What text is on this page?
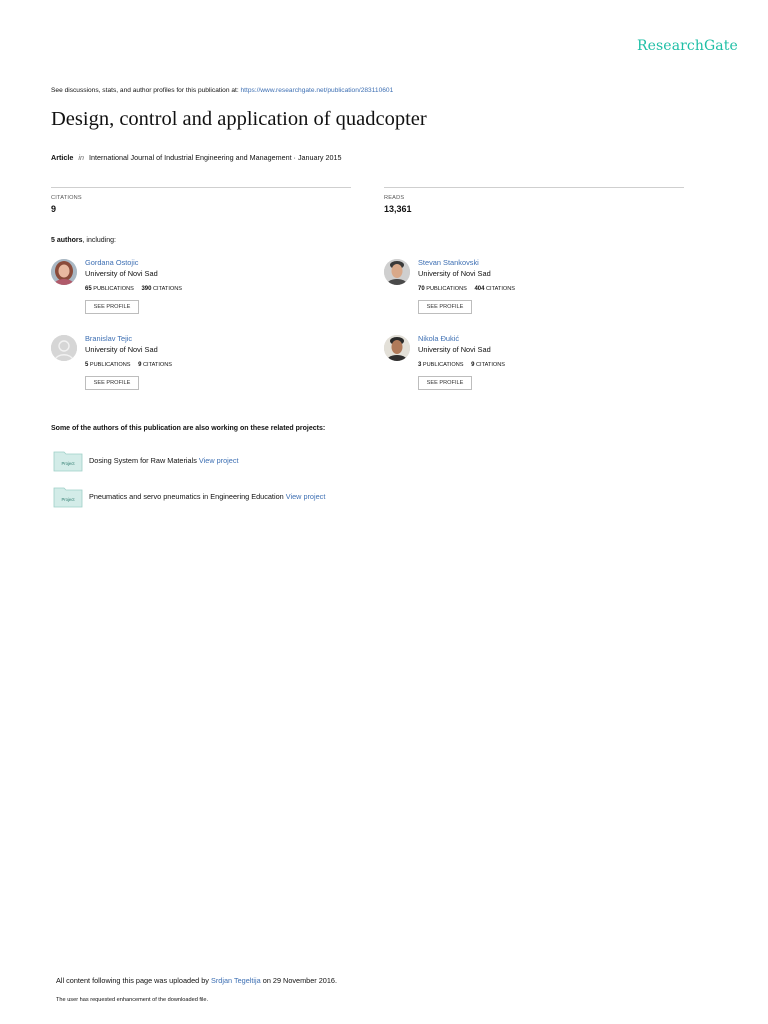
ResearchGate
See discussions, stats, and author profiles for this publication at: https://www.researchgate.net/publication/283110601
Design, control and application of quadcopter
Article in International Journal of Industrial Engineering and Management · January 2015
CITATIONS
9
READS
13,361
5 authors, including:
Gordana Ostojic
University of Novi Sad
65 PUBLICATIONS 390 CITATIONS
SEE PROFILE
Stevan Stankovski
University of Novi Sad
70 PUBLICATIONS 404 CITATIONS
SEE PROFILE
Branislav Tejic
University of Novi Sad
5 PUBLICATIONS 9 CITATIONS
SEE PROFILE
Nikola Đukić
University of Novi Sad
3 PUBLICATIONS 9 CITATIONS
SEE PROFILE
Some of the authors of this publication are also working on these related projects:
Project Dosing System for Raw Materials View project
Project Pneumatics and servo pneumatics in Engineering Education View project
All content following this page was uploaded by Srdjan Tegeltija on 29 November 2016.
The user has requested enhancement of the downloaded file.
